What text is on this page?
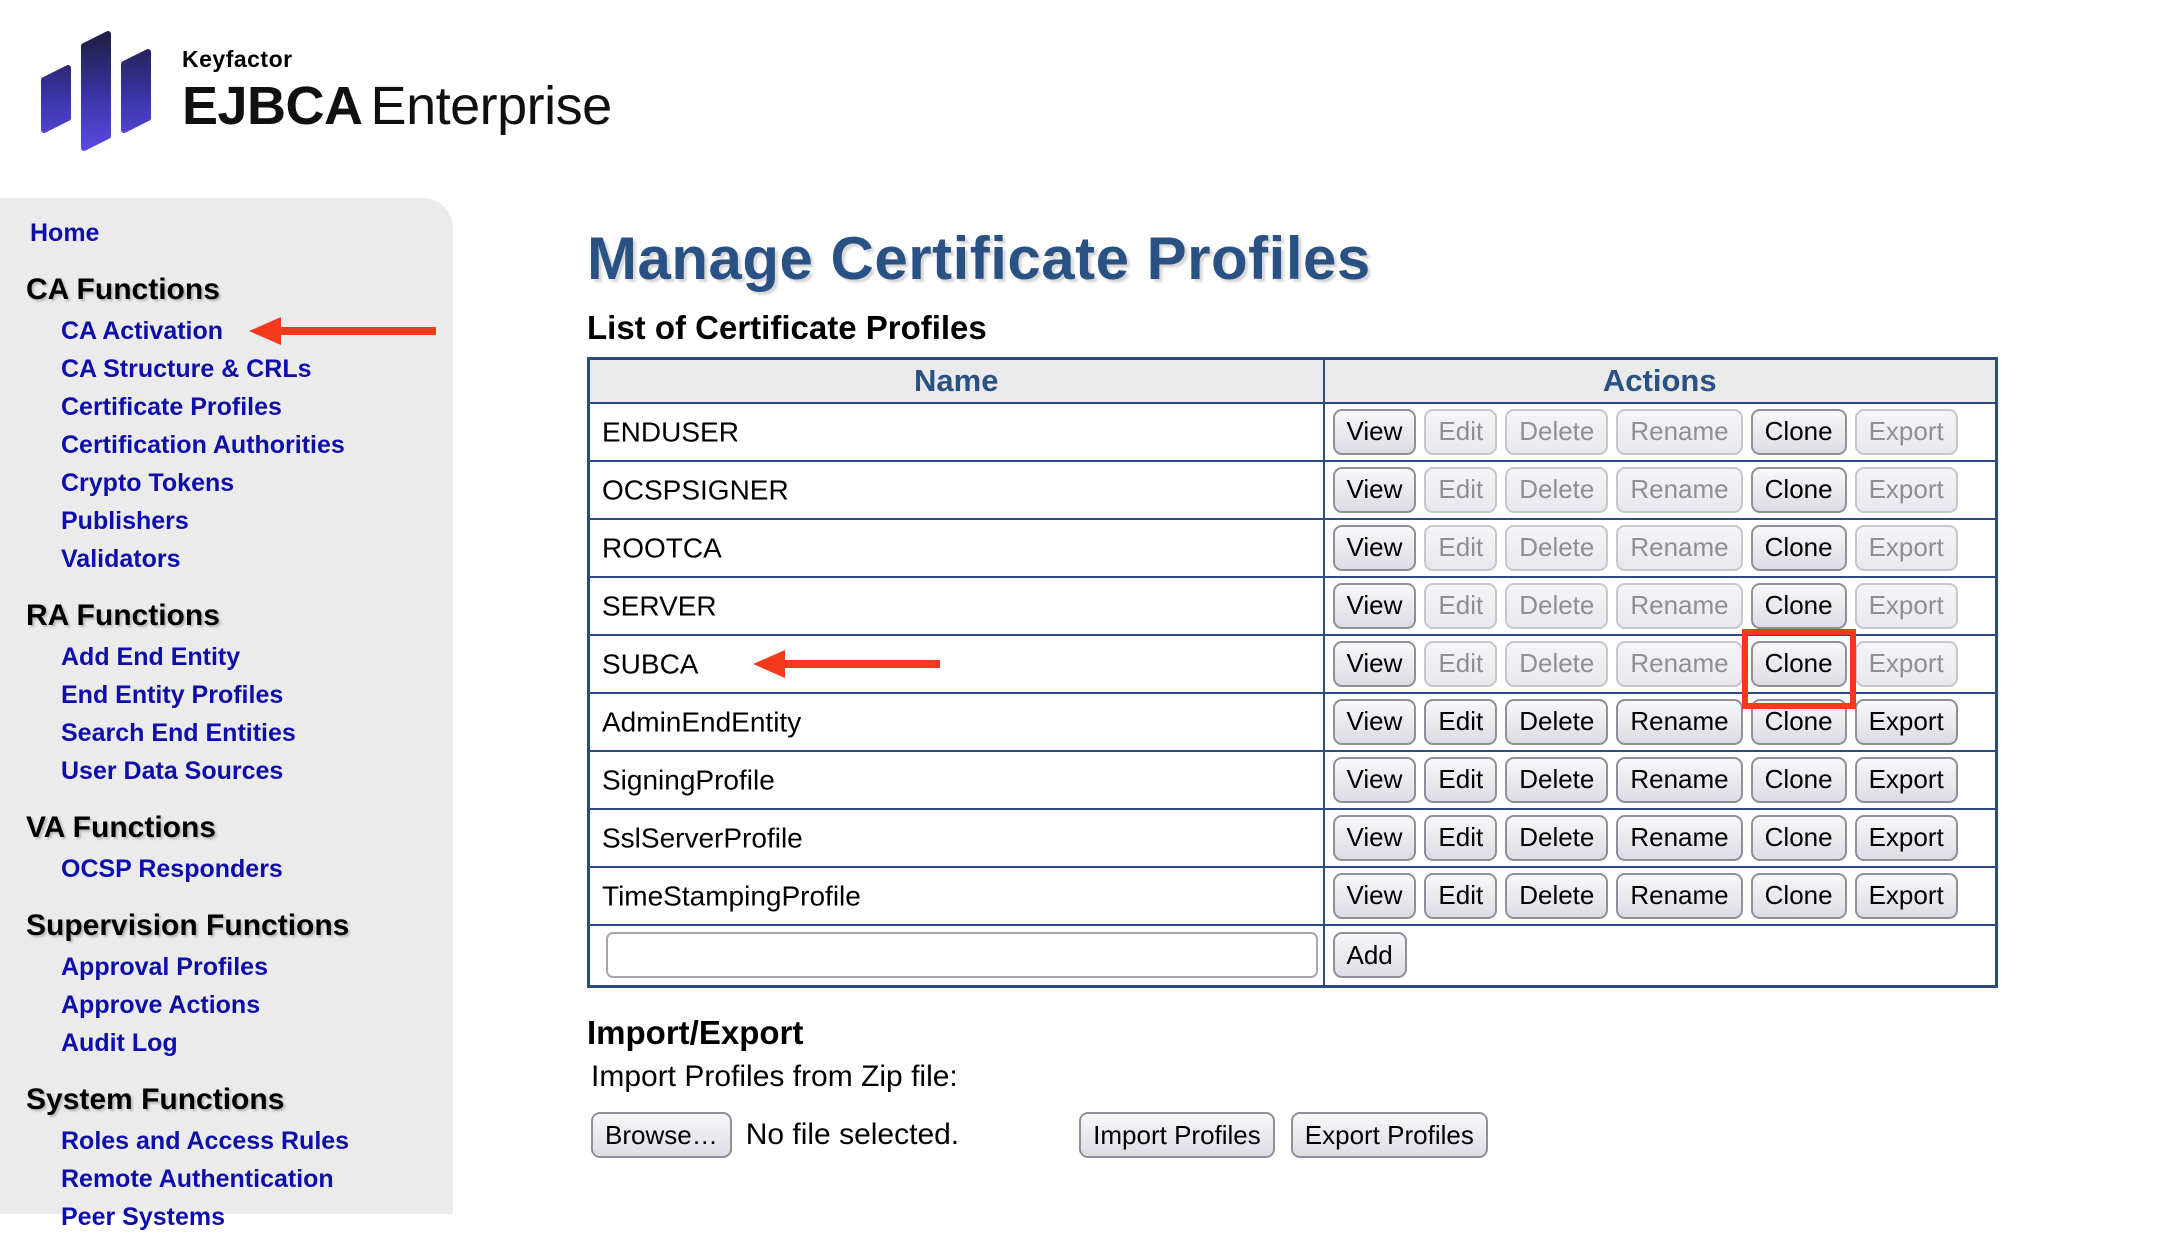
Keyfactor
EJBCA Enterprise
Home
CA Functions
CA Activation
CA Structure & CRLs
Certificate Profiles
Certification Authorities
Crypto Tokens
Publishers
Validators
RA Functions
Add End Entity
End Entity Profiles
Search End Entities
User Data Sources
VA Functions
OCSP Responders
Supervision Functions
Approval Profiles
Approve Actions
Audit Log
System Functions
Roles and Access Rules
Remote Authentication
Peer Systems
Manage Certificate Profiles
List of Certificate Profiles
Name	Actions
ENDUSER	View Edit Delete Rename Clone Export
OCSPSIGNER	View Edit Delete Rename Clone Export
ROOTCA	View Edit Delete Rename Clone Export
SERVER	View Edit Delete Rename Clone Export
SUBCA	View Edit Delete Rename Clone Export
AdminEndEntity	View Edit Delete Rename Clone Export
SigningProfile	View Edit Delete Rename Clone Export
SslServerProfile	View Edit Delete Rename Clone Export
TimeStampingProfile	View Edit Delete Rename Clone Export
	Add
Import/Export
Import Profiles from Zip file:
Browse… No file selected.	Import Profiles	Export Profiles
